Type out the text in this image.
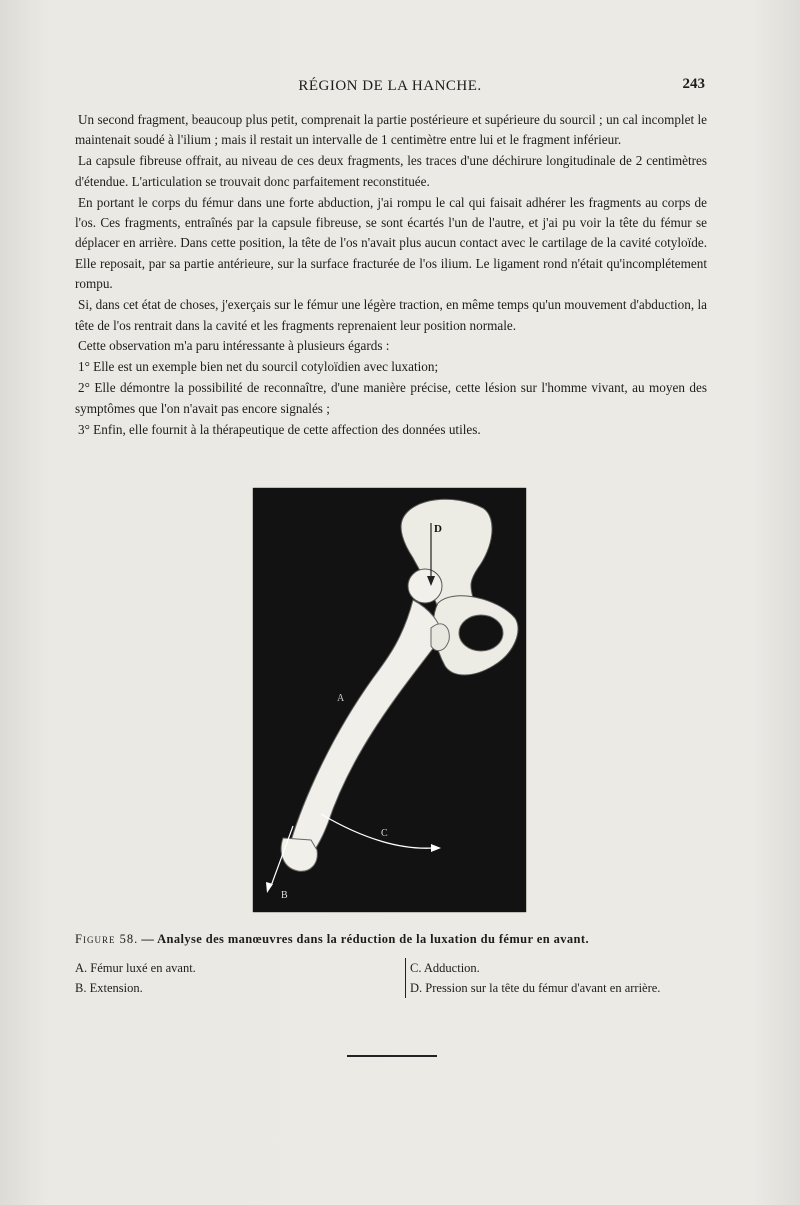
RÉGION DE LA HANCHE.	243

Un second fragment, beaucoup plus petit, comprenait la partie postérieure et supérieure du sourcil ; un cal incomplet le maintenait soudé à l'ilium ; mais il restait un intervalle de 1 centimètre entre lui et le fragment inférieur.

La capsule fibreuse offrait, au niveau de ces deux fragments, les traces d'une déchirure longitudinale de 2 centimètres d'étendue. L'articulation se trouvait donc parfaitement reconstituée.

En portant le corps du fémur dans une forte abduction, j'ai rompu le cal qui faisait adhérer les fragments au corps de l'os. Ces fragments, entraînés par la capsule fibreuse, se sont écartés l'un de l'autre, et j'ai pu voir la tête du fémur se déplacer en arrière. Dans cette position, la tête de l'os n'avait plus aucun contact avec le cartilage de la cavité cotyloïde. Elle reposait, par sa partie antérieure, sur la surface fracturée de l'os ilium. Le ligament rond n'était qu'incomplétement rompu.

Si, dans cet état de choses, j'exerçais sur le fémur une légère traction, en même temps qu'un mouvement d'abduction, la tête de l'os rentrait dans la cavité et les fragments reprenaient leur position normale.

Cette observation m'a paru intéressante à plusieurs égards :

1° Elle est un exemple bien net du sourcil cotyloïdien avec luxation;

2° Elle démontre la possibilité de reconnaître, d'une manière précise, cette lésion sur l'homme vivant, au moyen des symptômes que l'on n'avait pas encore signalés ;

3° Enfin, elle fournit à la thérapeutique de cette affection des données utiles.

D
A
C
B
Figure 58. — Analyse des manœuvres dans la réduction de la luxation du fémur en avant.
A. Fémur luxé en avant.
B. Extension.
C. Adduction.
D. Pression sur la tête du fémur d'avant en arrière.
